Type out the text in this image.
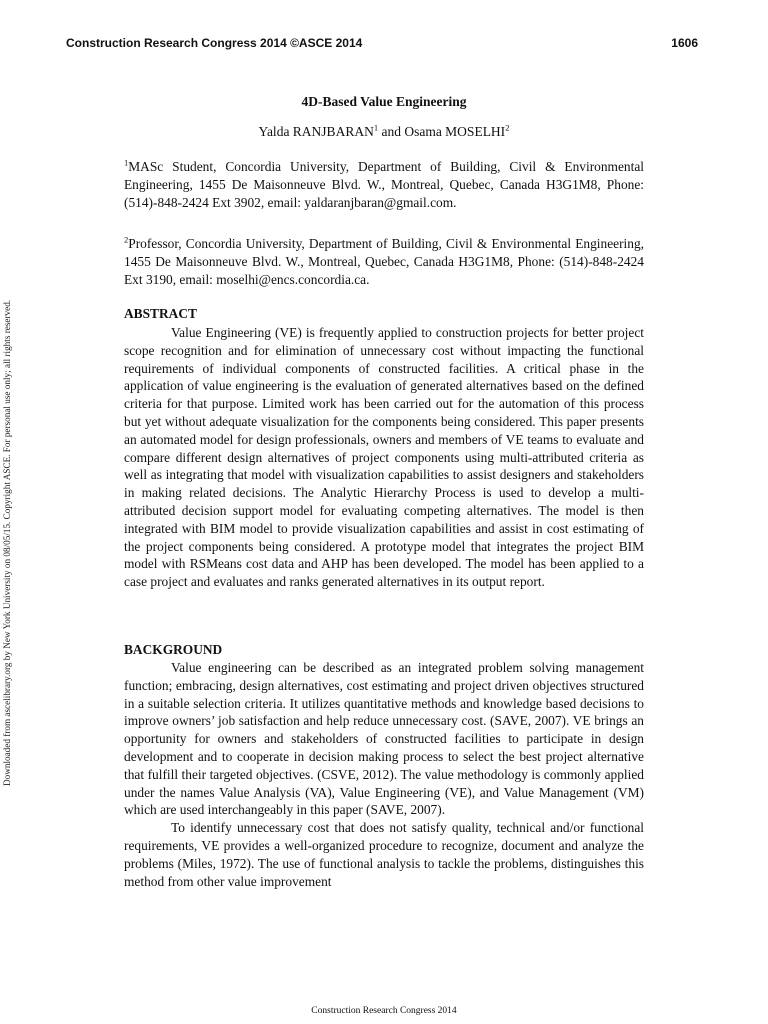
Construction Research Congress 2014 ©ASCE 2014	1606
Downloaded from ascelibrary.org by New York University on 08/05/15. Copyright ASCE. For personal use only; all rights reserved.
4D-Based Value Engineering
Yalda RANJBARAN$^1$ and Osama MOSELHI$^2$

$^1$MASc Student, Concordia University, Department of Building, Civil & Environmental Engineering, 1455 De Maisonneuve Blvd. W., Montreal, Quebec, Canada H3G1M8, Phone: (514)-848-2424 Ext 3902, email: yaldaranjbaran@gmail.com.

$^2$Professor, Concordia University, Department of Building, Civil & Environmental Engineering, 1455 De Maisonneuve Blvd. W., Montreal, Quebec, Canada H3G1M8, Phone: (514)-848-2424 Ext 3190, email: moselhi@encs.concordia.ca.

ABSTRACT

Value Engineering (VE) is frequently applied to construction projects for better project scope recognition and for elimination of unnecessary cost without impacting the functional requirements of individual components of constructed facilities. A critical phase in the application of value engineering is the evaluation of generated alternatives based on the defined criteria for that purpose. Limited work has been carried out for the automation of this process but yet without adequate visualization for the components being considered. This paper presents an automated model for design professionals, owners and members of VE teams to evaluate and compare different design alternatives of project components using multi-attributed criteria as well as integrating that model with visualization capabilities to assist designers and stakeholders in making related decisions. The Analytic Hierarchy Process is used to develop a multi-attributed decision support model for evaluating competing alternatives. The model is then integrated with BIM model to provide visualization capabilities and assist in cost estimating of the project components being considered. A prototype model that integrates the project BIM model with RSMeans cost data and AHP has been developed. The model has been applied to a case project and evaluates and ranks generated alternatives in its output report.

BACKGROUND

Value engineering can be described as an integrated problem solving management function; embracing, design alternatives, cost estimating and project driven objectives structured in a suitable selection criteria. It utilizes quantitative methods and knowledge based decisions to improve owners’ job satisfaction and help reduce unnecessary cost. (SAVE, 2007). VE brings an opportunity for owners and stakeholders of constructed facilities to participate in design development and to cooperate in decision making process to select the best project alternative that fulfill their targeted objectives. (CSVE, 2012). The value methodology is commonly applied under the names Value Analysis (VA), Value Engineering (VE), and Value Management (VM) which are used interchangeably in this paper (SAVE, 2007).

To identify unnecessary cost that does not satisfy quality, technical and/or functional requirements, VE provides a well-organized procedure to recognize, document and analyze the problems (Miles, 1972). The use of functional analysis to tackle the problems, distinguishes this method from other value improvement

Construction Research Congress 2014
